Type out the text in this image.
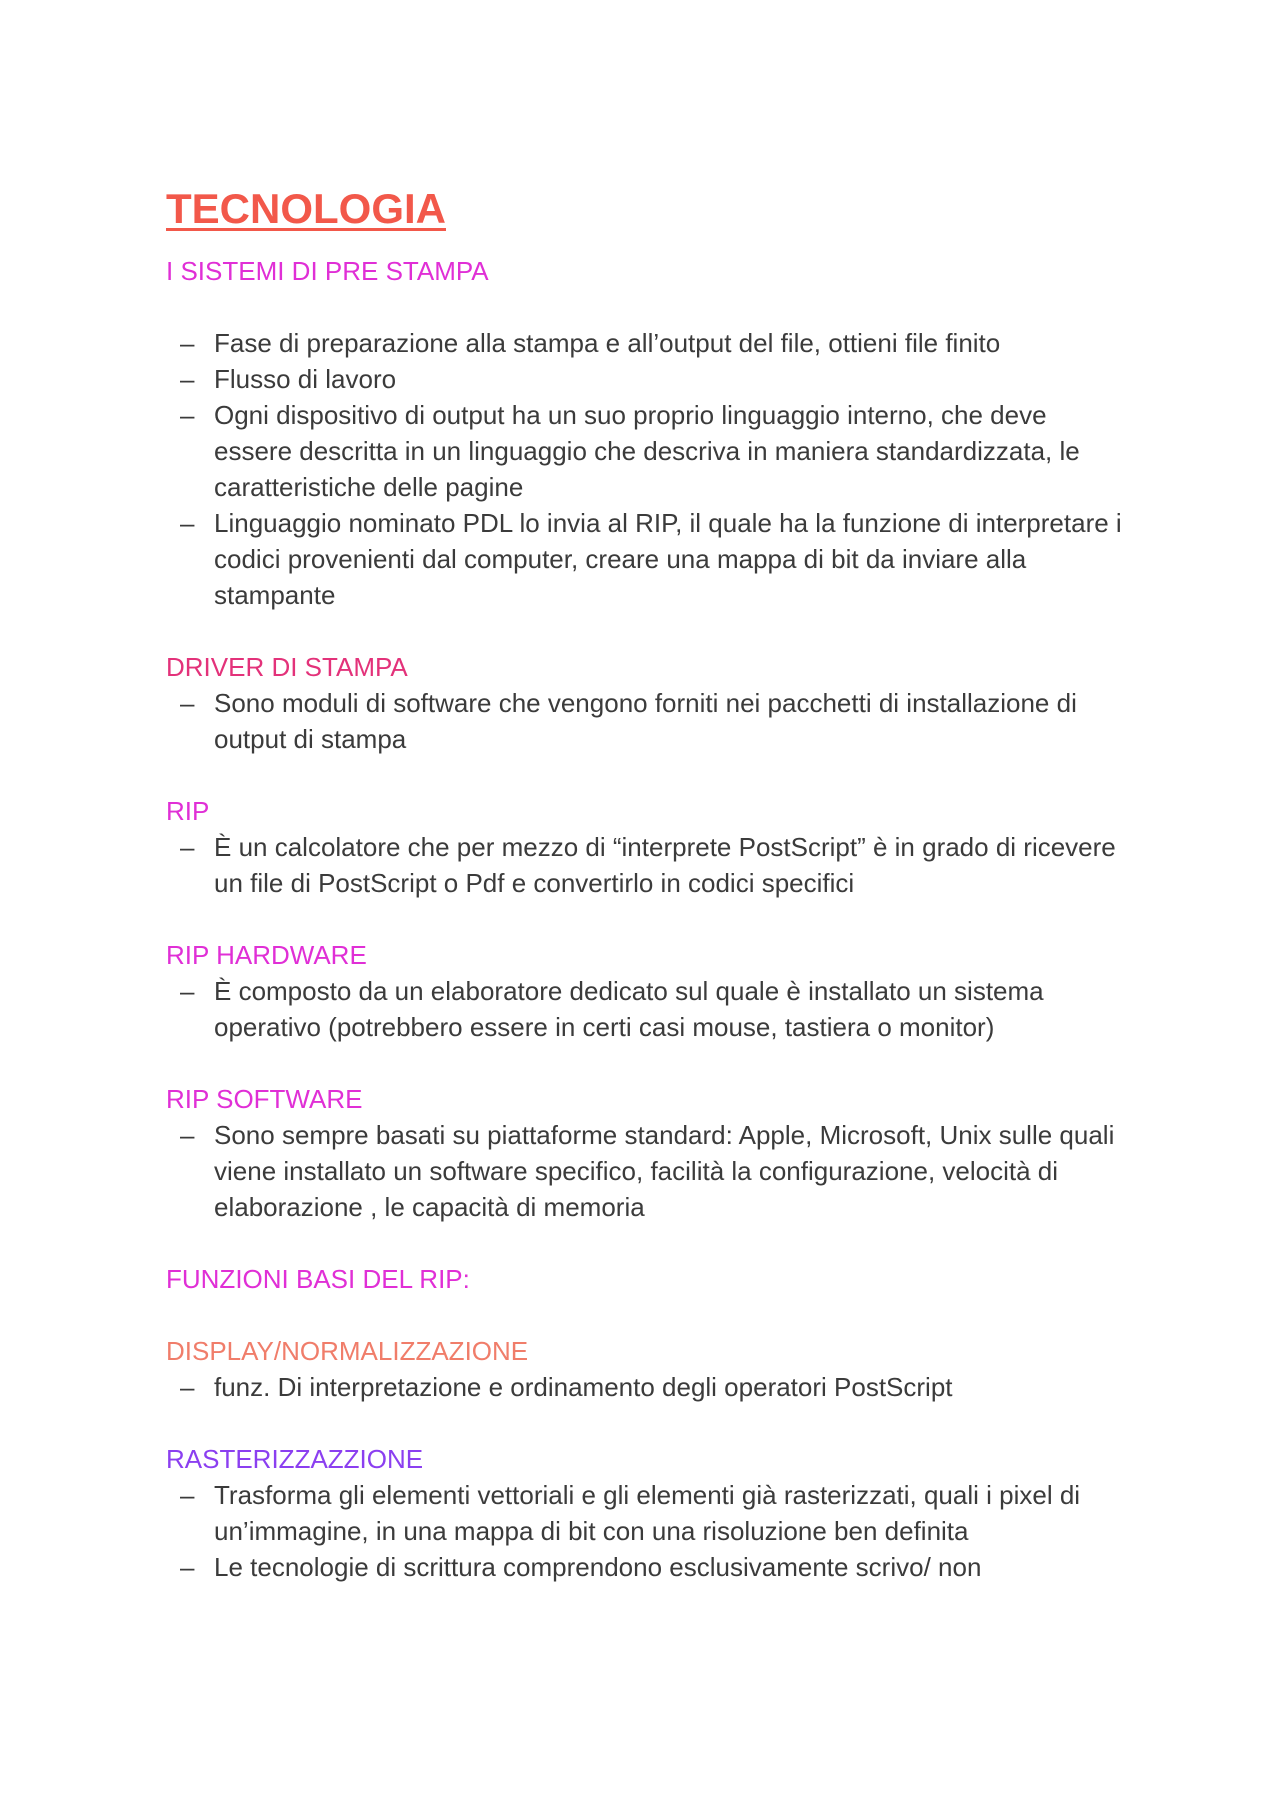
TECNOLOGIA
I SISTEMI DI PRE STAMPA
– Fase di preparazione alla stampa e all’output del file, ottieni file finito
– Flusso di lavoro
– Ogni dispositivo di output ha un suo proprio linguaggio interno, che deve essere descritta in un linguaggio che descriva in maniera standardizzata, le caratteristiche delle pagine
– Linguaggio nominato PDL lo invia al RIP, il quale ha la funzione di interpretare i codici provenienti dal computer, creare una mappa di bit da inviare alla stampante
DRIVER DI STAMPA
– Sono moduli di software che vengono forniti nei pacchetti di installazione di output di stampa
RIP
– È un calcolatore che per mezzo di “interprete PostScript” è in grado di ricevere un file di PostScript o Pdf e convertirlo in codici specifici
RIP HARDWARE
– È composto da un elaboratore dedicato sul quale è installato un sistema operativo (potrebbero essere in certi casi mouse, tastiera o monitor)
RIP SOFTWARE
– Sono sempre basati su piattaforme standard: Apple, Microsoft, Unix sulle quali viene installato un software specifico, facilità la configurazione, velocità di elaborazione , le capacità di memoria
FUNZIONI BASI DEL RIP:
DISPLAY/NORMALIZZAZIONE
– funz. Di interpretazione e ordinamento degli operatori PostScript
RASTERIZZAZZIONE
– Trasforma gli elementi vettoriali e gli elementi già rasterizzati, quali i pixel di un’immagine, in una mappa di bit con una risoluzione ben definita
– Le tecnologie di scrittura comprendono esclusivamente scrivo/ non
